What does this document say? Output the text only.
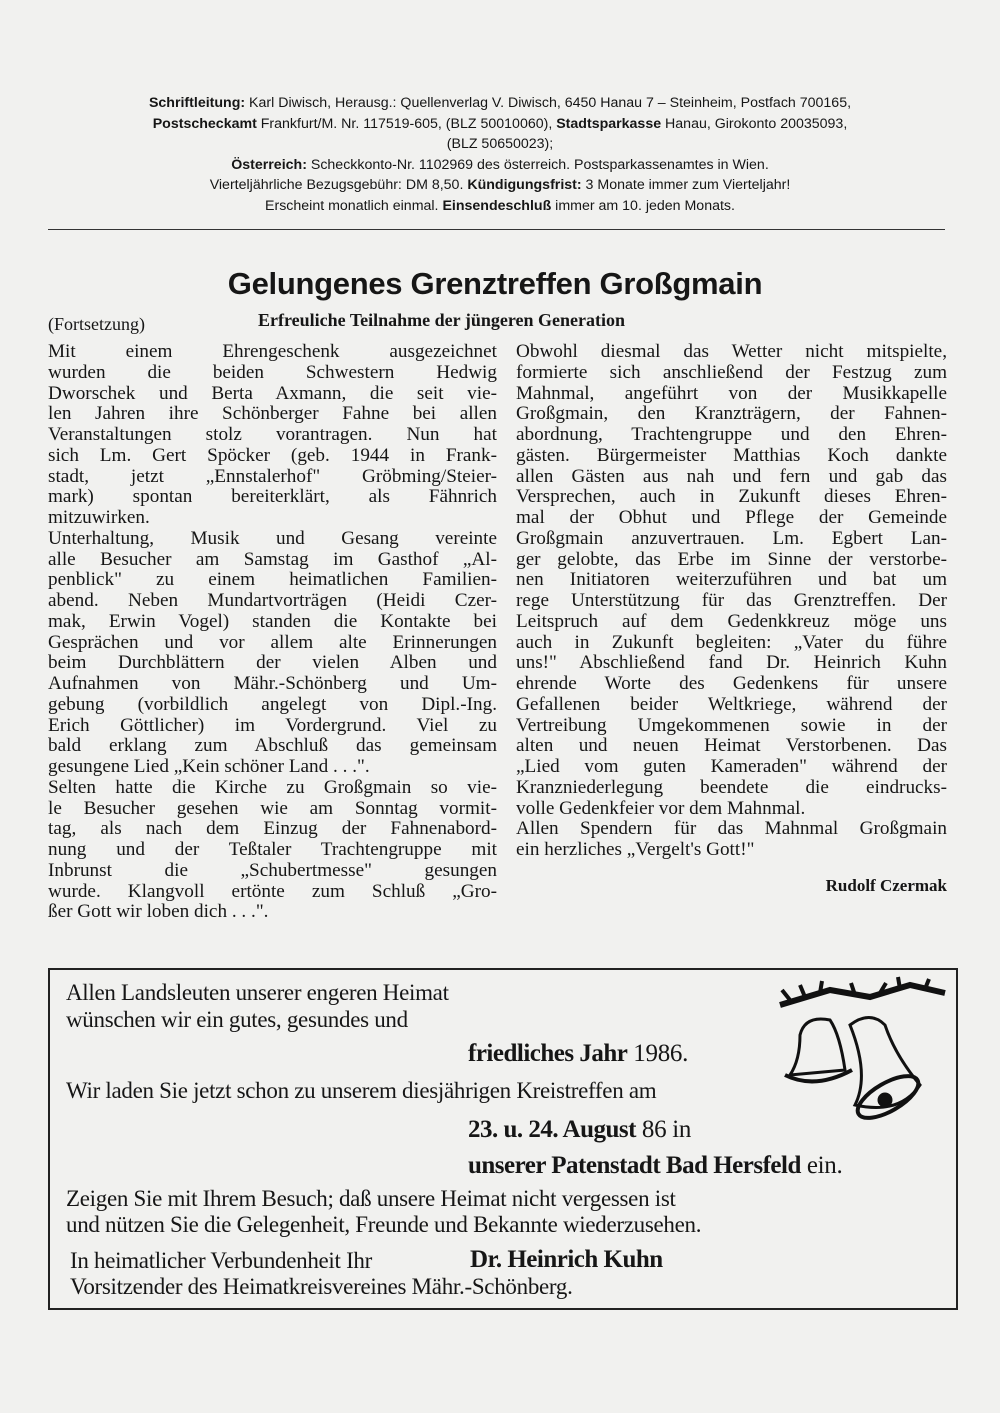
Schriftleitung: Karl Diwisch, Herausg.: Quellenverlag V. Diwisch, 6450 Hanau 7 – Steinheim, Postfach 700165,
Postscheckamt Frankfurt/M. Nr. 117519-605, (BLZ 50010060), Stadtsparkasse Hanau, Girokonto 20035093,
(BLZ 50650023);
Österreich: Scheckkonto-Nr. 1102969 des österreich. Postsparkassenamtes in Wien.
Vierteljährliche Bezugsgebühr: DM 8,50. Kündigungsfrist: 3 Monate immer zum Vierteljahr!
Erscheint monatlich einmal. Einsendeschluß immer am 10. jeden Monats.
Gelungenes Grenztreffen Großgmain
(Fortsetzung)	Erfreuliche Teilnahme der jüngeren Generation
Mit einem Ehrengeschenk ausgezeichnet
wurden die beiden Schwestern Hedwig
Dworschek und Berta Axmann, die seit vie-
len Jahren ihre Schönberger Fahne bei allen
Veranstaltungen stolz vorantragen. Nun hat
sich Lm. Gert Spöcker (geb. 1944 in Frank-
stadt, jetzt „Ennstalerhof" Gröbming/Steier-
mark) spontan bereiterklärt, als Fähnrich
mitzuwirken.
Unterhaltung, Musik und Gesang vereinte
alle Besucher am Samstag im Gasthof „Al-
penblick" zu einem heimatlichen Familien-
abend. Neben Mundartvorträgen (Heidi Czer-
mak, Erwin Vogel) standen die Kontakte bei
Gesprächen und vor allem alte Erinnerungen
beim Durchblättern der vielen Alben und
Aufnahmen von Mähr.-Schönberg und Um-
gebung (vorbildlich angelegt von Dipl.-Ing.
Erich Göttlicher) im Vordergrund. Viel zu
bald erklang zum Abschluß das gemeinsam
gesungene Lied „Kein schöner Land . . .".
Selten hatte die Kirche zu Großgmain so vie-
le Besucher gesehen wie am Sonntag vormit-
tag, als nach dem Einzug der Fahnenabord-
nung und der Teßtaler Trachtengruppe mit
Inbrunst die „Schubertmesse" gesungen
wurde. Klangvoll ertönte zum Schluß „Gro-
ßer Gott wir loben dich . . .".
Obwohl diesmal das Wetter nicht mitspielte,
formierte sich anschließend der Festzug zum
Mahnmal, angeführt von der Musikkapelle
Großgmain, den Kranzträgern, der Fahnen-
abordnung, Trachtengruppe und den Ehren-
gästen. Bürgermeister Matthias Koch dankte
allen Gästen aus nah und fern und gab das
Versprechen, auch in Zukunft dieses Ehren-
mal der Obhut und Pflege der Gemeinde
Großgmain anzuvertrauen. Lm. Egbert Lan-
ger gelobte, das Erbe im Sinne der verstorbe-
nen Initiatoren weiterzuführen und bat um
rege Unterstützung für das Grenztreffen. Der
Leitspruch auf dem Gedenkkreuz möge uns
auch in Zukunft begleiten: „Vater du führe
uns!" Abschließend fand Dr. Heinrich Kuhn
ehrende Worte des Gedenkens für unsere
Gefallenen beider Weltkriege, während der
Vertreibung Umgekommenen sowie in der
alten und neuen Heimat Verstorbenen. Das
„Lied vom guten Kameraden" während der
Kranzniederlegung beendete die eindrucks-
volle Gedenkfeier vor dem Mahnmal.
Allen Spendern für das Mahnmal Großgmain
ein herzliches „Vergelt's Gott!"
Rudolf Czermak
Allen Landsleuten unserer engeren Heimat
wünschen wir ein gutes, gesundes und
friedliches Jahr 1986.
Wir laden Sie jetzt schon zu unserem diesjährigen Kreistreffen am
23. u. 24. August 86 in
unserer Patenstadt Bad Hersfeld ein.
Zeigen Sie mit Ihrem Besuch; daß unsere Heimat nicht vergessen ist
und nützen Sie die Gelegenheit, Freunde und Bekannte wiederzusehen.
In heimatlicher Verbundenheit Ihr	Dr. Heinrich Kuhn
Vorsitzender des Heimatkreisvereines Mähr.-Schönberg.
